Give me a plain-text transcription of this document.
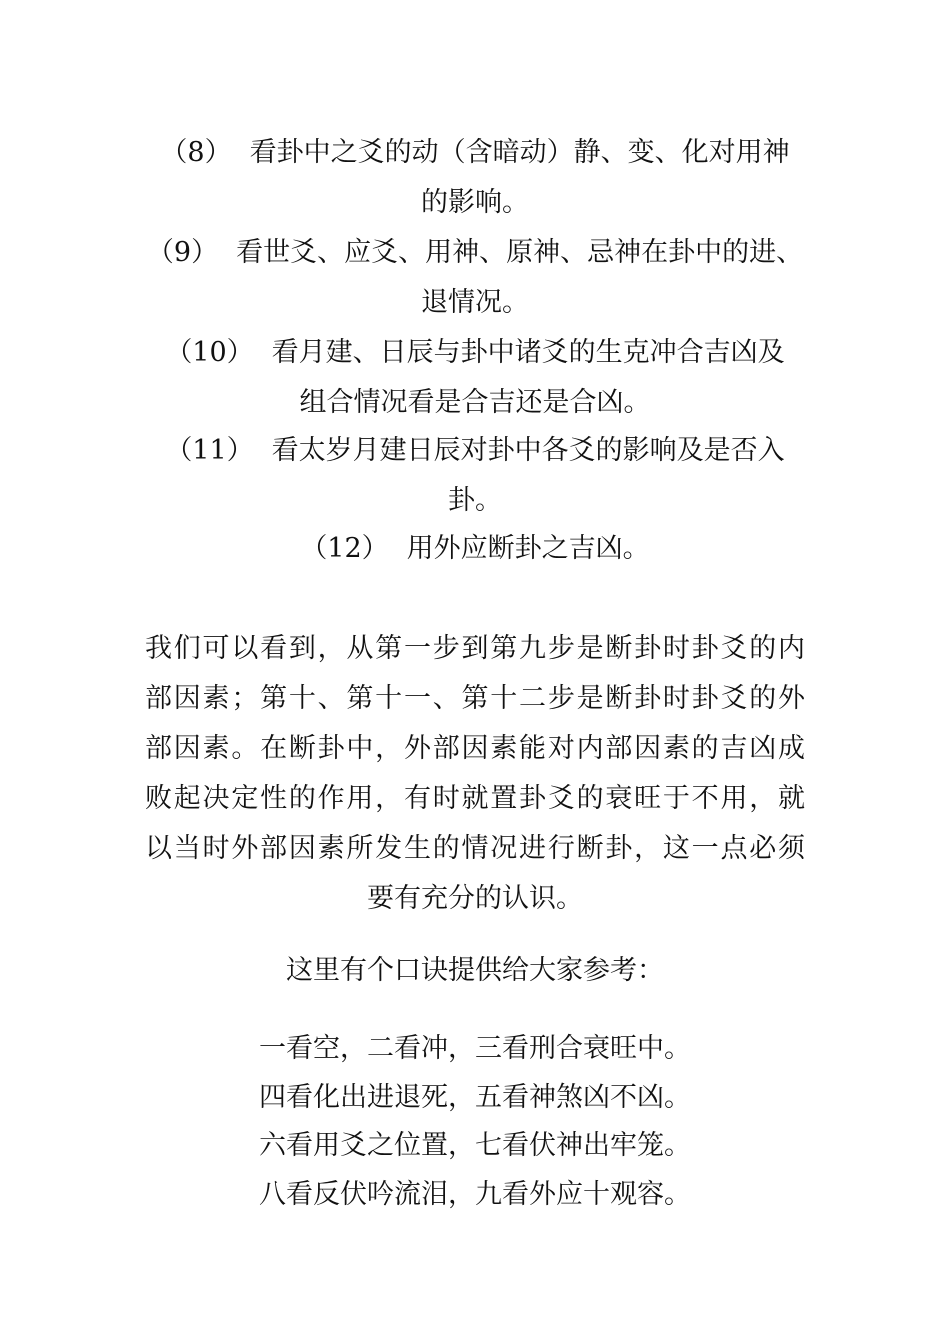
（8） 看卦中之爻的动（含暗动）静、变、化对用神
的影响。
（9） 看世爻、应爻、用神、原神、忌神在卦中的进、
退情况。
（10） 看月建、日辰与卦中诸爻的生克冲合吉凶及
组合情况看是合吉还是合凶。
（11） 看太岁月建日辰对卦中各爻的影响及是否入
卦。
（12） 用外应断卦之吉凶。
我们可以看到，从第一步到第九步是断卦时卦爻的内
部因素；第十、第十一、第十二步是断卦时卦爻的外
部因素。在断卦中，外部因素能对内部因素的吉凶成
败起决定性的作用，有时就置卦爻的衰旺于不用，就
以当时外部因素所发生的情况进行断卦，这一点必须
要有充分的认识。
这里有个口诀提供给大家参考：
一看空，二看冲，三看刑合衰旺中。
四看化出进退死，五看神煞凶不凶。
六看用爻之位置，七看伏神出牢笼。
八看反伏吟流泪，九看外应十观容。
